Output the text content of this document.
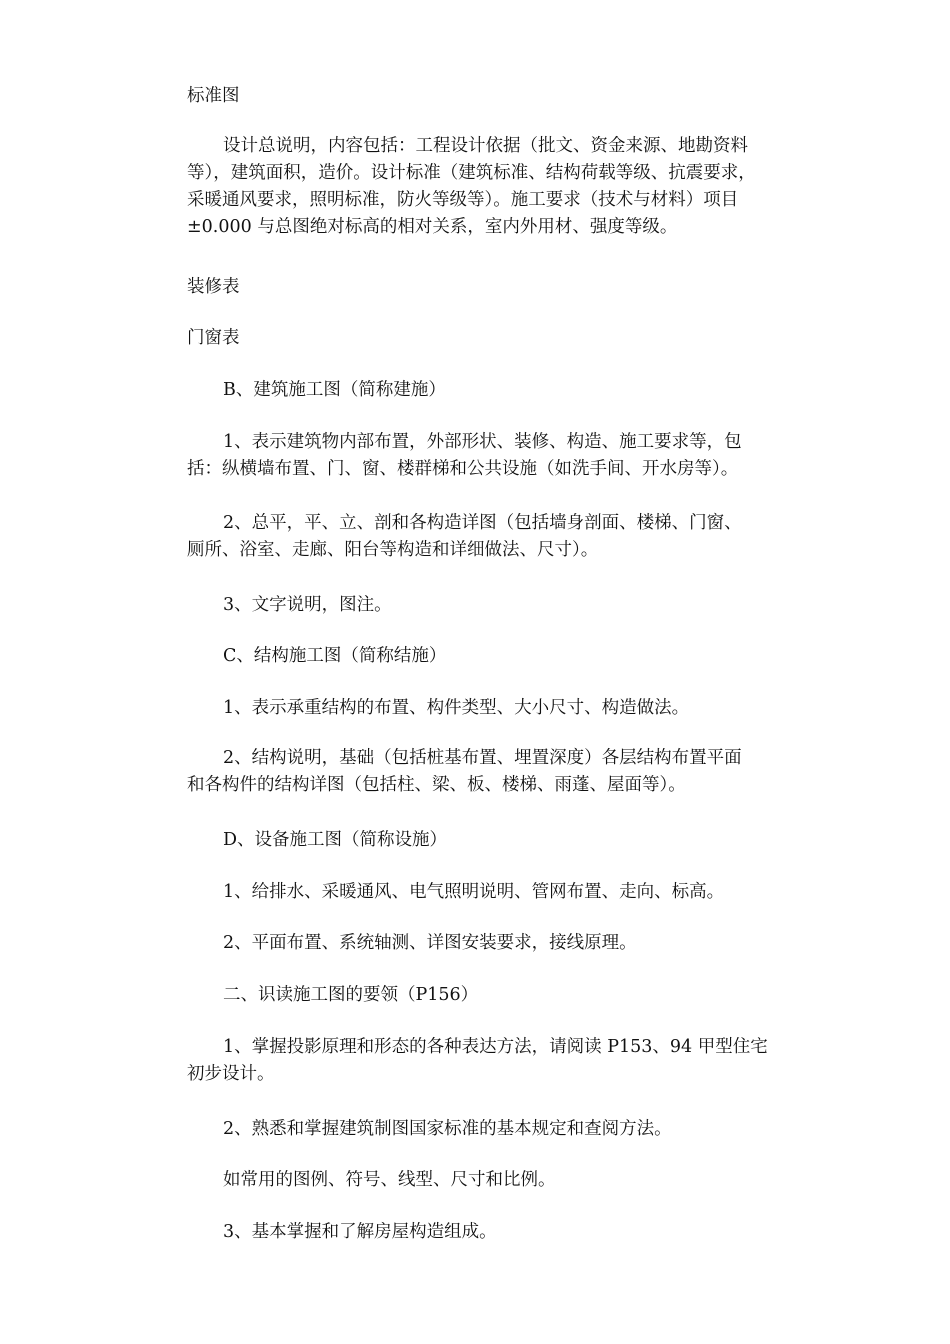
标准图

设计总说明，内容包括：工程设计依据（批文、资金来源、地勘资料
等），建筑面积，造价。设计标准（建筑标准、结构荷载等级、抗震要求，
采暖通风要求，照明标准，防火等级等）。施工要求（技术与材料）项目
±0.000 与总图绝对标高的相对关系，室内外用材、强度等级。

装修表

门窗表

B、建筑施工图（简称建施）

1、表示建筑物内部布置，外部形状、装修、构造、施工要求等，包
括：纵横墙布置、门、窗、楼群梯和公共设施（如洗手间、开水房等）。

2、总平，平、立、剖和各构造详图（包括墙身剖面、楼梯、门窗、
厕所、浴室、走廊、阳台等构造和详细做法、尺寸）。

3、文字说明，图注。

C、结构施工图（简称结施）

1、表示承重结构的布置、构件类型、大小尺寸、构造做法。

2、结构说明，基础（包括桩基布置、埋置深度）各层结构布置平面
和各构件的结构详图（包括柱、梁、板、楼梯、雨蓬、屋面等）。

D、设备施工图（简称设施）

1、给排水、采暖通风、电气照明说明、管网布置、走向、标高。

2、平面布置、系统轴测、详图安装要求，接线原理。

二、识读施工图的要领（P156）

1、掌握投影原理和形态的各种表达方法，请阅读 P153、94 甲型住宅
初步设计。

2、熟悉和掌握建筑制图国家标准的基本规定和查阅方法。

如常用的图例、符号、线型、尺寸和比例。

3、基本掌握和了解房屋构造组成。
